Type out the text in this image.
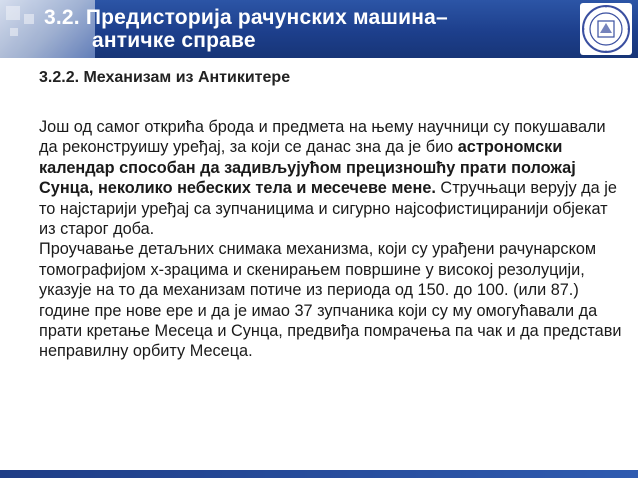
3.2. Предисторија рачунских машина–
античке справе
3.2.2. Механизам из Антикитере
Још од самог открића брода и предмета на њему научници су покушавали да реконструишу уређај, за који се данас зна да је био астрономски календар способан да задивљујућом прецизношћу прати положај Сунца, неколико небеских тела и месечеве мене. Стручњаци верују да је то најстарији уређај са зупчаницима и сигурно најсофистициранији објекат из старог доба.
Проучавање детаљних снимака механизма, који су урађени рачунарском томографијом х-зрацима и скенирањем површине у високој резолуцији, указује на то да механизам потиче из периода од 150. до 100. (или 87.) године пре нове ере и да је имао 37 зупчаника који су му омогућавали да прати кретање Месеца и Сунца, предвиђа помрачења па чак и да представи неправилну орбиту Месеца.
